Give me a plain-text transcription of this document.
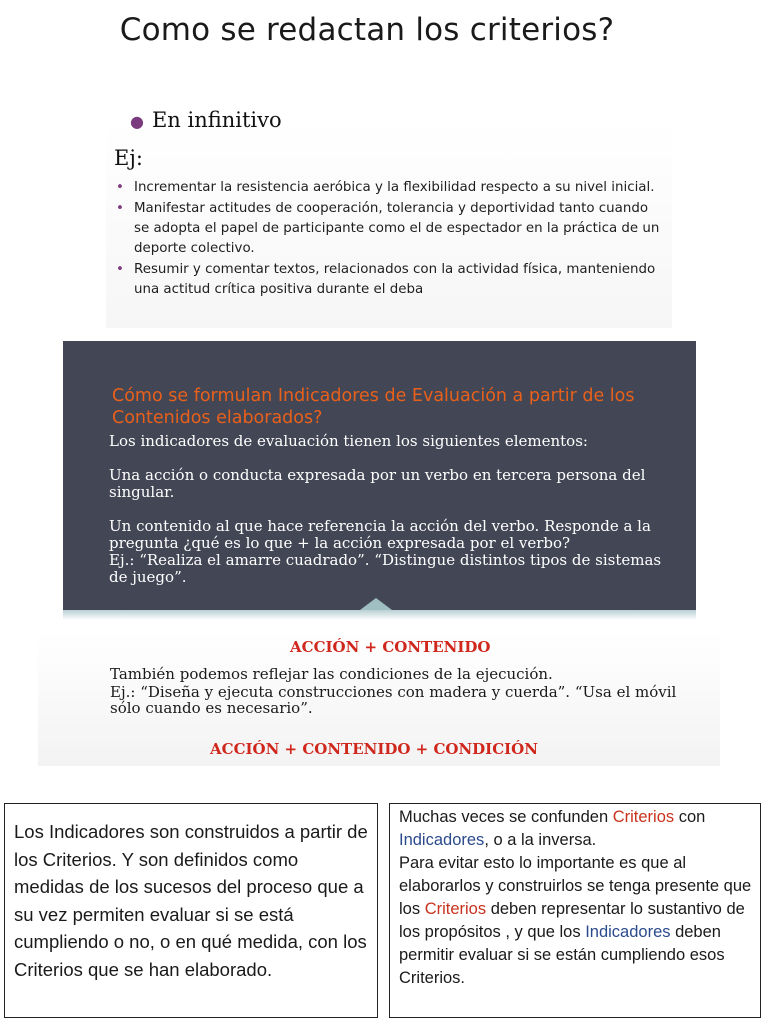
Como se redactan los criterios?
● En infinitivo
Ej:
• Incrementar la resistencia aeróbica y la flexibilidad respecto a su nivel inicial.
• Manifestar actitudes de cooperación, tolerancia y deportividad tanto cuando se adopta el papel de participante como el de espectador en la práctica de un deporte colectivo.
• Resumir y comentar textos, relacionados con la actividad física, manteniendo una actitud crítica positiva durante el deba
Cómo se formulan Indicadores de Evaluación a partir de los Contenidos elaborados?
Los indicadores de evaluación tienen los siguientes elementos:
Una acción o conducta expresada por un verbo en tercera persona del singular.
Un contenido al que hace referencia la acción del verbo. Responde a la pregunta ¿qué es lo que + la acción expresada por el verbo?
Ej.: “Realiza el amarre cuadrado”. “Distingue distintos tipos de sistemas de juego”.
ACCIÓN + CONTENIDO
También podemos reflejar las condiciones de la ejecución.
Ej.: “Diseña y ejecuta construcciones con madera y cuerda”. “Usa el móvil sólo cuando es necesario”.
ACCIÓN + CONTENIDO + CONDICIÓN
Los Indicadores son construidos a partir de los Criterios. Y son definidos como medidas de los sucesos del proceso que a su vez permiten evaluar si se está cumpliendo o no, o en qué medida, con los Criterios que se han elaborado.
Muchas veces se confunden Criterios con Indicadores, o a la inversa.
Para evitar esto lo importante es que al elaborarlos y construirlos se tenga presente que los Criterios deben representar lo sustantivo de los propósitos , y que los Indicadores deben permitir evaluar si se están cumpliendo esos Criterios.
